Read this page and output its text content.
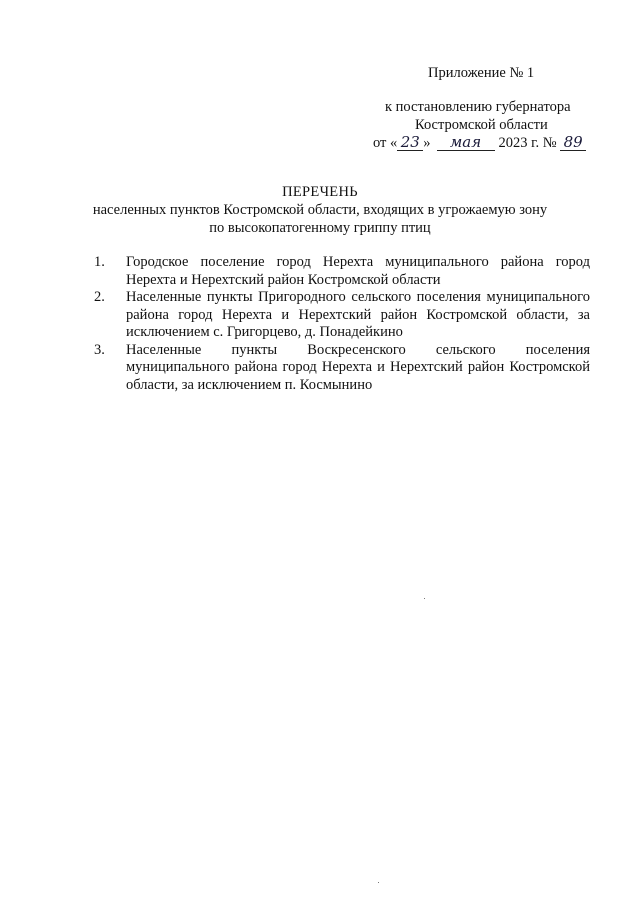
Приложение № 1
к постановлению губернатора
Костромской области
от « 23 » мая 2023 г. № 89
ПЕРЕЧЕНЬ
населенных пунктов Костромской области, входящих в угрожаемую зону
по высокопатогенному гриппу птиц
1. Городское поселение город Нерехта муниципального района город Нерехта и Нерехтский район Костромской области
2. Населенные пункты Пригородного сельского поселения муниципального района город Нерехта и Нерехтский район Костромской области, за исключением с. Григорцево, д. Понадейкино
3. Населенные пункты Воскресенского сельского поселения муниципального района город Нерехта и Нерехтский район Костромской области, за исключением п. Космынино
